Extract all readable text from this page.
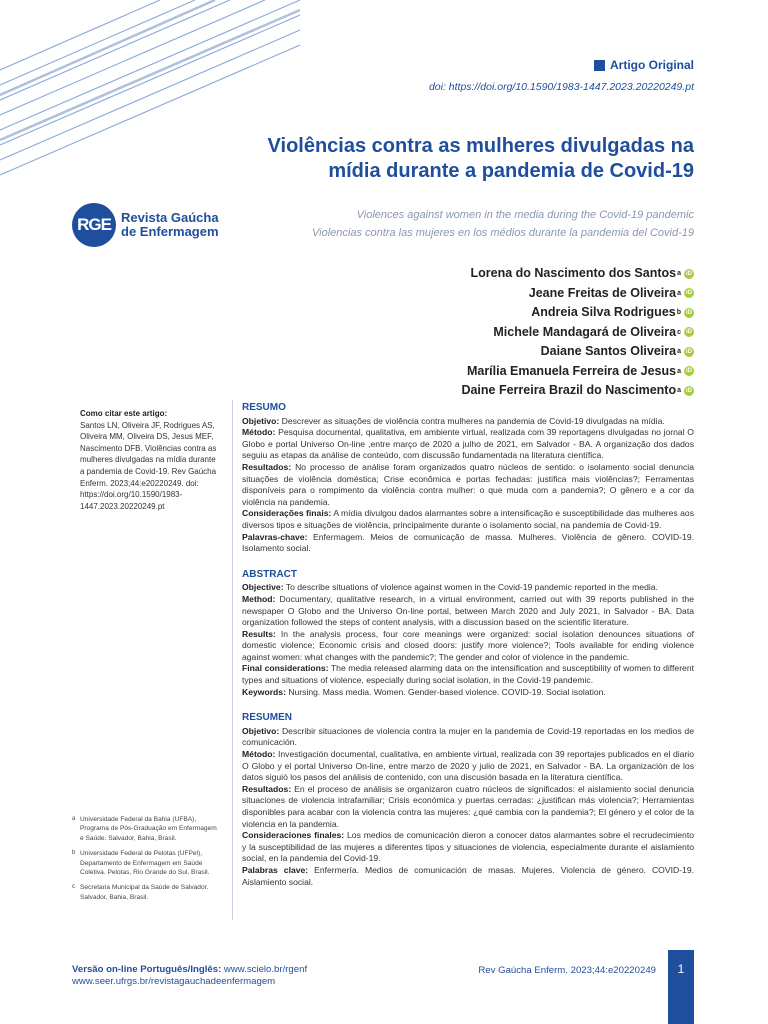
Artigo Original
doi: https://doi.org/10.1590/1983-1447.2023.20220249.pt
Violências contra as mulheres divulgadas na mídia durante a pandemia de Covid-19
Violences against women in the media during the Covid-19 pandemic
Violencias contra las mujeres en los médios durante la pandemia del Covid-19
RGE Revista Gaúcha
de Enfermagem
Lorena do Nascimento dos Santos a iD
Jeane Freitas de Oliveira a iD
Andreia Silva Rodrigues b iD
Michele Mandagará de Oliveira c iD
Daiane Santos Oliveira a iD
Marília Emanuela Ferreira de Jesus a iD
Daine Ferreira Brazil do Nascimento a iD
Como citar este artigo:
Santos LN, Oliveira JF, Rodrigues AS, Oliveira MM, Oliveira DS, Jesus MEF, Nascimento DFB. Violências contra as mulheres divulgadas na mídia durante a pandemia de Covid-19. Rev Gaúcha Enferm. 2023;44:e20220249. doi: https://doi.org/10.1590/1983-1447.2023.20220249.pt
a Universidade Federal da Bahia (UFBA), Programa de Pós-Graduação em Enfermagem e Saúde. Salvador, Bahia, Brasil.
b Universidade Federal de Pelotas (UFPel), Departamento de Enfermagem em Saúde Coletiva. Pelotas, Rio Grande do Sul, Brasil.
c Secretaria Municipal da Saúde de Salvador. Salvador, Bahia, Brasil.
RESUMO

Objetivo: Descrever as situações de violência contra mulheres na pandemia de Covid-19 divulgadas na mídia.

Método: Pesquisa documental, qualitativa, em ambiente virtual, realizada com 39 reportagens divulgadas no jornal O Globo e portal Universo On-line ,entre março de 2020 a julho de 2021, em Salvador - BA. A organização dos dados seguiu as etapas da análise de conteúdo, com discussão fundamentada na literatura científica.

Resultados: No processo de análise foram organizados quatro núcleos de sentido: o isolamento social denuncia situações de violência doméstica; Crise econômica e portas fechadas: justifica mais violências?; Ferramentas disponíveis para o rompimento da violência contra mulher: o que muda com a pandemia?; O gênero e a cor da violência na pandemia.

Considerações finais: A mídia divulgou dados alarmantes sobre a intensificação e susceptibilidade das mulheres aos diversos tipos e situações de violência, principalmente durante o isolamento social, na pandemia de Covid-19.

Palavras-chave: Enfermagem. Meios de comunicação de massa. Mulheres. Violência de gênero. COVID-19. Isolamento social.

ABSTRACT

Objective: To describe situations of violence against women in the Covid-19 pandemic reported in the media.

Method: Documentary, qualitative research, in a virtual environment, carried out with 39 reports published in the newspaper O Globo and the Universo On-line portal, between March 2020 and July 2021, in Salvador - BA. Data organization followed the steps of content analysis, with a discussion based on the scientific literature.

Results: In the analysis process, four core meanings were organized: social isolation denounces situations of domestic violence; Economic crisis and closed doors: justify more violence?; Tools available for ending violence against women: what changes with the pandemic?; The gender and color of violence in the pandemic.

Final considerations: The media released alarming data on the intensification and susceptibility of women to different types and situations of violence, especially during social isolation, in the Covid-19 pandemic.

Keywords: Nursing. Mass media. Women. Gender-based violence. COVID-19. Social isolation.

RESUMEN

Objetivo: Describir situaciones de violencia contra la mujer en la pandemia de Covid-19 reportadas en los medios de comunicación.

Método: Investigación documental, cualitativa, en ambiente virtual, realizada con 39 reportajes publicados en el diario O Globo y el portal Universo On-line, entre marzo de 2020 y julio de 2021, en Salvador - BA. La organización de los datos siguió los pasos del análisis de contenido, con una discusión basada en la literatura científica.

Resultados: En el proceso de análisis se organizaron cuatro núcleos de significados: el aislamiento social denuncia situaciones de violencia intrafamiliar; Crisis económica y puertas cerradas: ¿justifican más violencia?; Herramientas disponibles para acabar con la violencia contra las mujeres: ¿qué cambia con la pandemia?; El género y el color de la violencia en la pandemia.

Consideraciones finales: Los medios de comunicación dieron a conocer datos alarmantes sobre el recrudecimiento y la susceptibilidad de las mujeres a diferentes tipos y situaciones de violencia, especialmente durante el aislamiento social, en la pandemia del Covid-19.

Palabras clave: Enfermería. Medios de comunicación de masas. Mujeres. Violencia de género. COVID-19. Aislamiento social.

Versão on-line Português/Inglês: www.scielo.br/rgenf
www.seer.ufrgs.br/revistagauchadeenfermagem
Rev Gaúcha Enferm. 2023;44:e20220249	1
